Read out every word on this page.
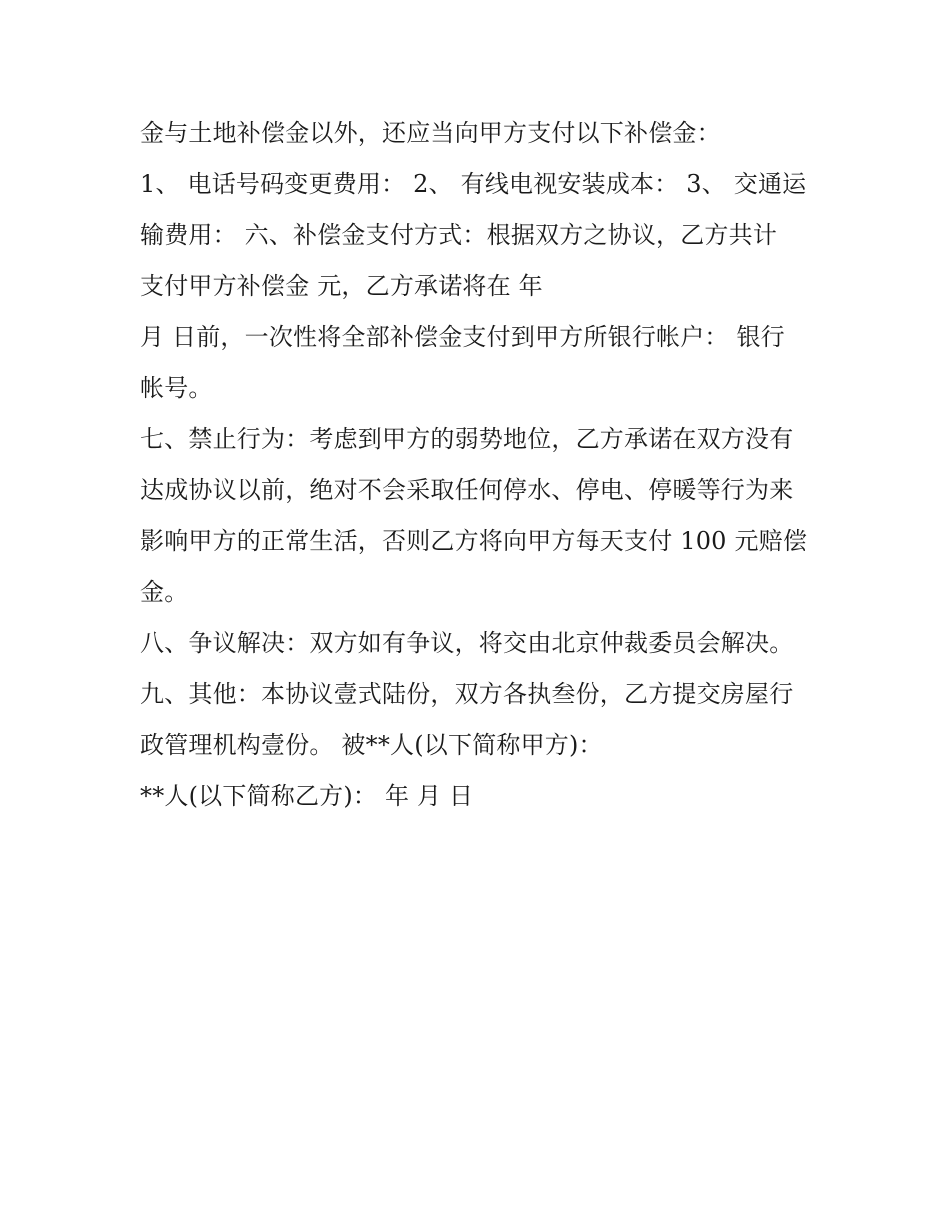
金与土地补偿金以外，还应当向甲方支付以下补偿金：
1、 电话号码变更费用： 2、 有线电视安装成本： 3、 交通运
输费用： 六、补偿金支付方式：根据双方之协议，乙方共计
支付甲方补偿金 元，乙方承诺将在 年
月 日前，一次性将全部补偿金支付到甲方所银行帐户： 银行
帐号。
七、禁止行为：考虑到甲方的弱势地位，乙方承诺在双方没有
达成协议以前，绝对不会采取任何停水、停电、停暖等行为来
影响甲方的正常生活，否则乙方将向甲方每天支付 100 元赔偿
金。
八、争议解决：双方如有争议，将交由北京仲裁委员会解决。
九、其他：本协议壹式陆份，双方各执叁份，乙方提交房屋行
政管理机构壹份。 被**人(以下简称甲方)：
**人(以下简称乙方)： 年 月 日
